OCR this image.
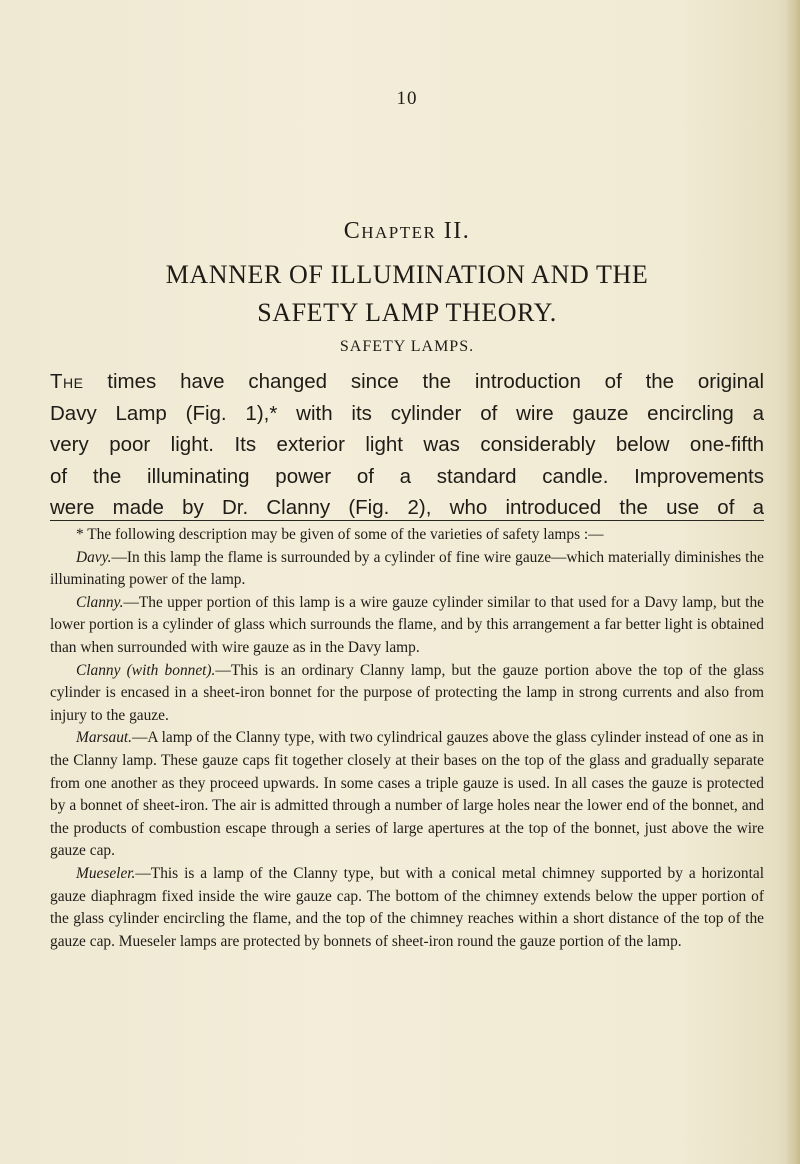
10
Chapter II.
MANNER OF ILLUMINATION AND THE
SAFETY LAMP THEORY.
SAFETY LAMPS.
The times have changed since the introduction of the original
Davy Lamp (Fig. 1),* with its cylinder of wire gauze encircling a
very poor light. Its exterior light was considerably below one-fifth
of the illuminating power of a standard candle. Improvements
were made by Dr. Clanny (Fig. 2), who introduced the use of a

* The following description may be given of some of the varieties of safety lamps :—

Davy.—In this lamp the flame is surrounded by a cylinder of fine wire gauze—which materially diminishes the illuminating power of the lamp.

Clanny.—The upper portion of this lamp is a wire gauze cylinder similar to that used for a Davy lamp, but the lower portion is a cylinder of glass which surrounds the flame, and by this arrangement a far better light is obtained than when surrounded with wire gauze as in the Davy lamp.

Clanny (with bonnet).—This is an ordinary Clanny lamp, but the gauze portion above the top of the glass cylinder is encased in a sheet-iron bonnet for the purpose of protecting the lamp in strong currents and also from injury to the gauze.

Marsaut.—A lamp of the Clanny type, with two cylindrical gauzes above the glass cylinder instead of one as in the Clanny lamp. These gauze caps fit together closely at their bases on the top of the glass and gradually separate from one another as they proceed upwards. In some cases a triple gauze is used. In all cases the gauze is protected by a bonnet of sheet-iron. The air is admitted through a number of large holes near the lower end of the bonnet, and the products of combustion escape through a series of large apertures at the top of the bonnet, just above the wire gauze cap.

Mueseler.—This is a lamp of the Clanny type, but with a conical metal chimney supported by a horizontal gauze diaphragm fixed inside the wire gauze cap. The bottom of the chimney extends below the upper portion of the glass cylinder encircling the flame, and the top of the chimney reaches within a short distance of the top of the gauze cap. Mueseler lamps are protected by bonnets of sheet-iron round the gauze portion of the lamp.
